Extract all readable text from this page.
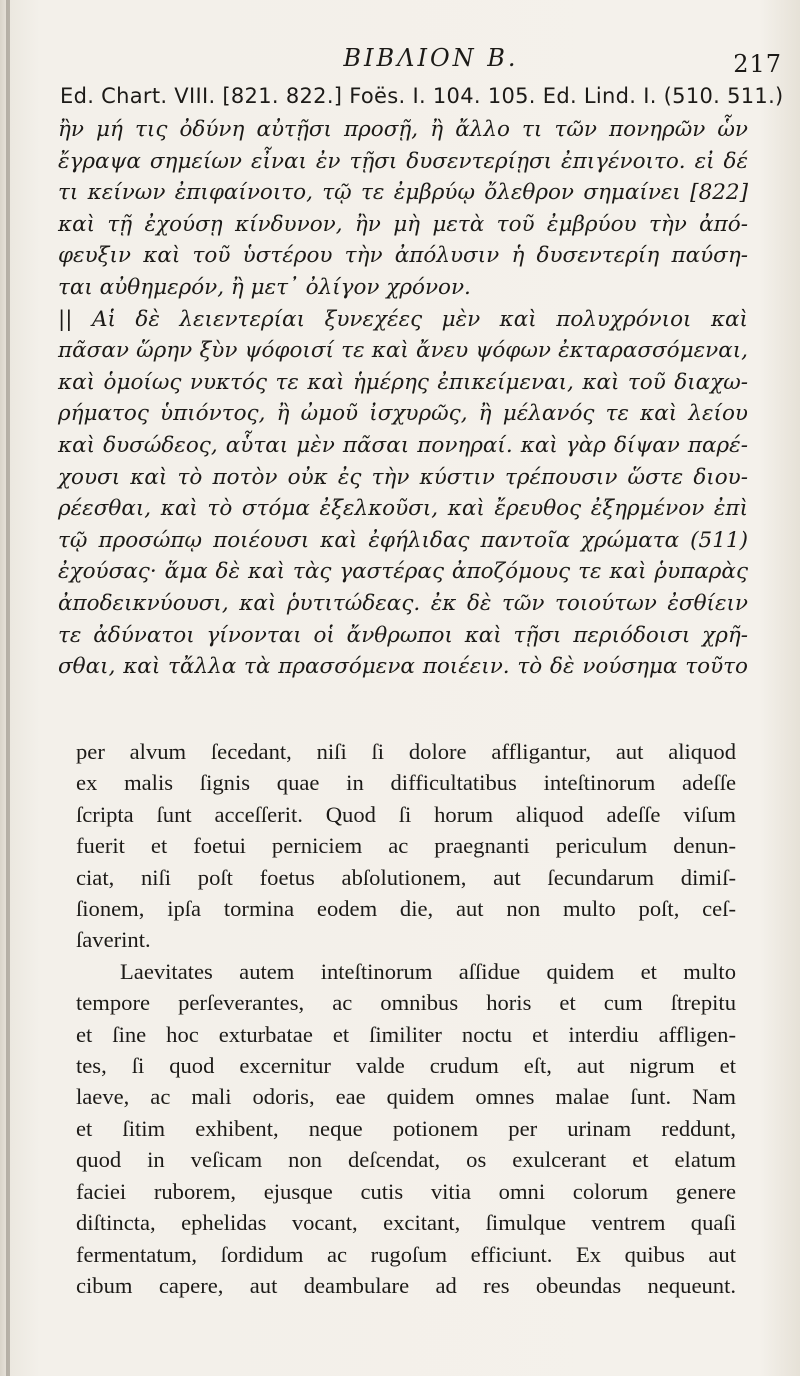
ΒΙΒΛΙΟΝ Β.	217
Ed. Chart. VIII. [821. 822.] Foës. I. 104. 105. Ed. Lind. I. (510. 511.)
ἢν μή τις ὀδύνη αὐτῇσι προσῇ, ἢ ἄλλο τι τῶν πονηρῶν ὧν
ἔγραψα σημείων εἶναι ἐν τῇσι δυσεντερίῃσι ἐπιγένοιτο. εἰ δέ
τι κείνων ἐπιφαίνοιτο, τῷ τε ἐμβρύῳ ὄλεθρον σημαίνει [822]
καὶ τῇ ἐχούσῃ κίνδυνον, ἢν μὴ μετὰ τοῦ ἐμβρύου τὴν ἀπό-
φευξιν καὶ τοῦ ὑστέρου τὴν ἀπόλυσιν ἡ δυσεντερίη παύση-
ται αὐθημερόν, ἢ μετ᾽ ὀλίγον χρόνον.
|| Αἱ δὲ λειεντερίαι ξυνεχέες μὲν καὶ πολυχρόνιοι καὶ
πᾶσαν ὥρην ξὺν ψόφοισί τε καὶ ἄνευ ψόφων ἐκταρασσόμεναι,
καὶ ὁμοίως νυκτός τε καὶ ἡμέρης ἐπικείμεναι, καὶ τοῦ διαχω-
ρήματος ὑπιόντος, ἢ ὠμοῦ ἰσχυρῶς, ἢ μέλανός τε καὶ λείου
καὶ δυσώδεος, αὗται μὲν πᾶσαι πονηραί. καὶ γὰρ δίψαν παρέ-
χουσι καὶ τὸ ποτὸν οὐκ ἐς τὴν κύστιν τρέπουσιν ὥστε διου-
ρέεσθαι, καὶ τὸ στόμα ἐξελκοῦσι, καὶ ἔρευθος ἐξηρμένον ἐπὶ
τῷ προσώπῳ ποιέουσι καὶ ἐφήλιδας παντοῖα χρώματα (511)
ἐχούσας· ἅμα δὲ καὶ τὰς γαστέρας ἀποζόμους τε καὶ ῥυπαρὰς
ἀποδεικνύουσι, καὶ ῥυτιτώδεας. ἐκ δὲ τῶν τοιούτων ἐσθίειν
τε ἀδύνατοι γίνονται οἱ ἄνθρωποι καὶ τῇσι περιόδοισι χρῆ-
σθαι, καὶ τἄλλα τὰ πρασσόμενα ποιέειν. τὸ δὲ νούσημα τοῦτο
per alvum ſecedant, niſi ſi dolore affligantur, aut aliquod
ex malis ſignis quae in difficultatibus inteſtinorum adeſſe
ſcripta ſunt acceſſerit. Quod ſi horum aliquod adeſſe viſum
fuerit et foetui perniciem ac praegnanti periculum denun-
ciat, niſi poſt foetus abſolutionem, aut ſecundarum dimiſ-
ſionem, ipſa tormina eodem die, aut non multo poſt, ceſ-
ſaverint.
Laevitates autem inteſtinorum aſſidue quidem et multo
tempore perſeverantes, ac omnibus horis et cum ſtrepitu
et ſine hoc exturbatae et ſimiliter noctu et interdiu affligen-
tes, ſi quod excernitur valde crudum eſt, aut nigrum et
laeve, ac mali odoris, eae quidem omnes malae ſunt. Nam
et ſitim exhibent, neque potionem per urinam reddunt,
quod in veſicam non deſcendat, os exulcerant et elatum
faciei ruborem, ejusque cutis vitia omni colorum genere
diſtincta, ephelidas vocant, excitant, ſimulque ventrem quaſi
fermentatum, ſordidum ac rugoſum efficiunt. Ex quibus aut
cibum capere, aut deambulare ad res obeundas nequeunt.
